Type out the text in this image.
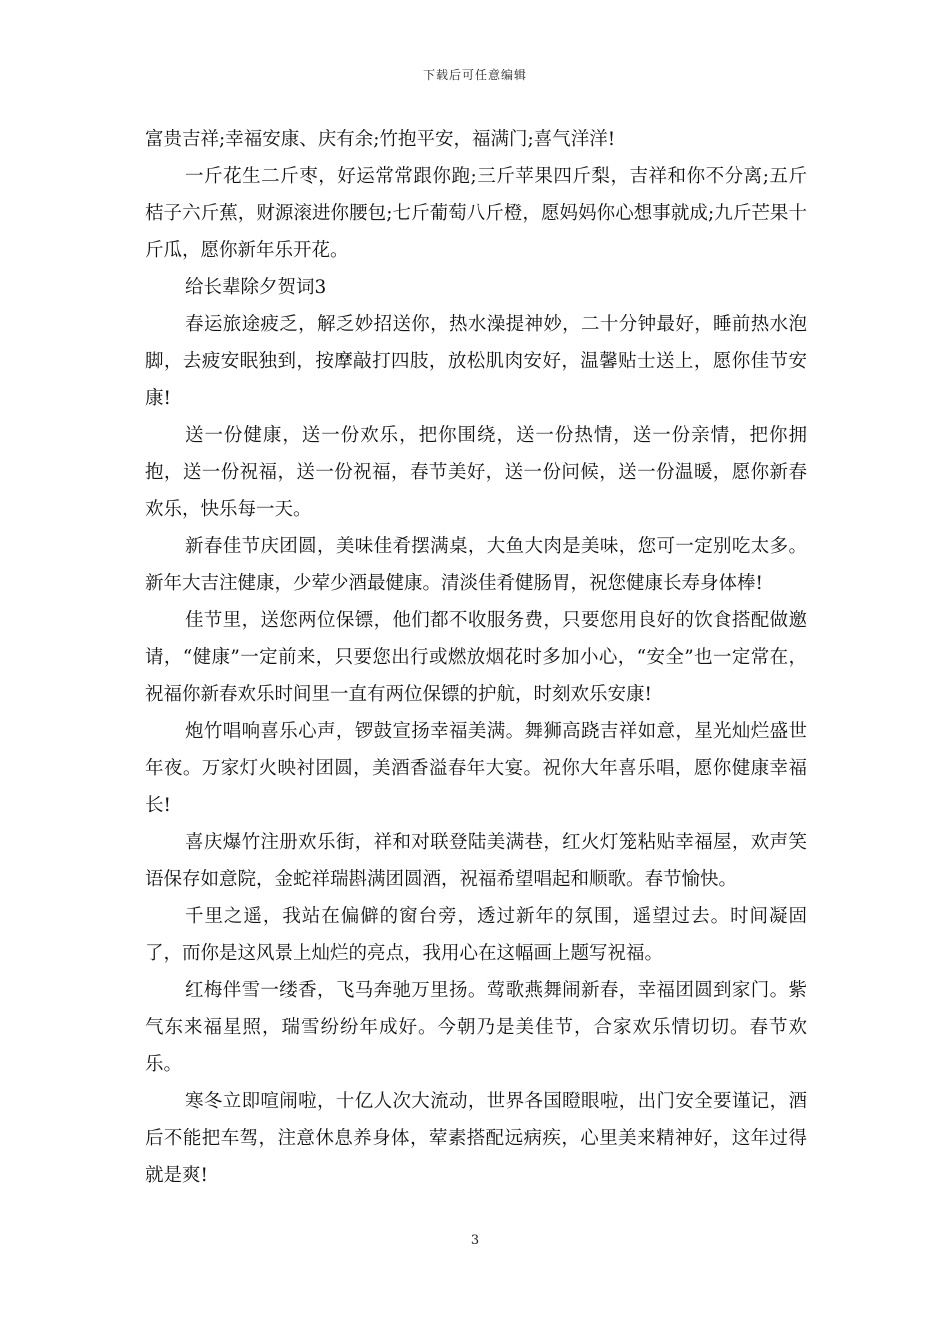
下载后可任意编辑

富贵吉祥;幸福安康、庆有余;竹抱平安，福满门;喜气洋洋!

一斤花生二斤枣，好运常常跟你跑;三斤苹果四斤梨，吉祥和你不分离;五斤桔子六斤蕉，财源滚进你腰包;七斤葡萄八斤橙，愿妈妈你心想事就成;九斤芒果十斤瓜，愿你新年乐开花。

给长辈除夕贺词3

春运旅途疲乏，解乏妙招送你，热水澡提神妙，二十分钟最好，睡前热水泡脚，去疲安眠独到，按摩敲打四肢，放松肌肉安好，温馨贴士送上，愿你佳节安康!

送一份健康，送一份欢乐，把你围绕，送一份热情，送一份亲情，把你拥抱，送一份祝福，送一份祝福，春节美好，送一份问候，送一份温暖，愿你新春欢乐，快乐每一天。

新春佳节庆团圆，美味佳肴摆满桌，大鱼大肉是美味，您可一定别吃太多。新年大吉注健康，少荤少酒最健康。清淡佳肴健肠胃，祝您健康长寿身体棒!

佳节里，送您两位保镖，他们都不收服务费，只要您用良好的饮食搭配做邀请，“健康”一定前来，只要您出行或燃放烟花时多加小心，“安全”也一定常在，祝福你新春欢乐时间里一直有两位保镖的护航，时刻欢乐安康!

炮竹唱响喜乐心声，锣鼓宣扬幸福美满。舞狮高跷吉祥如意，星光灿烂盛世年夜。万家灯火映衬团圆，美酒香溢春年大宴。祝你大年喜乐唱，愿你健康幸福长!

喜庆爆竹注册欢乐街，祥和对联登陆美满巷，红火灯笼粘贴幸福屋，欢声笑语保存如意院，金蛇祥瑞斟满团圆酒，祝福希望唱起和顺歌。春节愉快。

千里之遥，我站在偏僻的窗台旁，透过新年的氛围，遥望过去。时间凝固了，而你是这风景上灿烂的亮点，我用心在这幅画上题写祝福。

红梅伴雪一缕香，飞马奔驰万里扬。莺歌燕舞闹新春，幸福团圆到家门。紫气东来福星照，瑞雪纷纷年成好。今朝乃是美佳节，合家欢乐情切切。春节欢乐。

寒冬立即喧闹啦，十亿人次大流动，世界各国瞪眼啦，出门安全要谨记，酒后不能把车驾，注意休息养身体，荤素搭配远病疾，心里美来精神好，这年过得就是爽!

3
